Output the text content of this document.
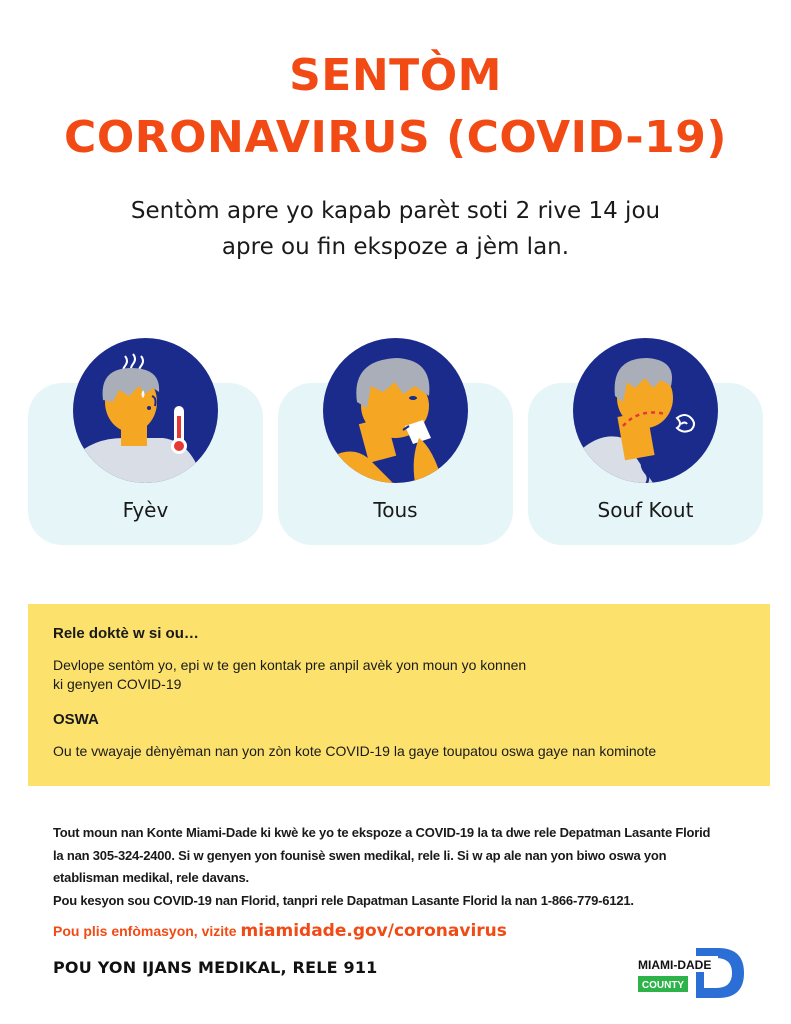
SENTÒM
CORONAVIRUS (COVID-19)
Sentòm apre yo kapab parèt soti 2 rive 14 jou
apre ou fin ekspoze a jèm lan.
Fyèv	Tous	Souf Kout
Rele doktè w si ou…
Devlope sentòm yo, epi w te gen kontak pre anpil avèk yon moun yo konnen
ki genyen COVID-19
OSWA
Ou te vwayaje dènyèman nan yon zòn kote COVID-19 la gaye toupatou oswa gaye nan kominote
Tout moun nan Konte Miami-Dade ki kwè ke yo te ekspoze a COVID-19 la ta dwe rele Depatman Lasante Florid
la nan 305-324-2400. Si w genyen yon founisè swen medikal, rele li. Si w ap ale nan yon biwo oswa yon
etablisman medikal, rele davans.
Pou kesyon sou COVID-19 nan Florid, tanpri rele Dapatman Lasante Florid la nan 1-866-779-6121.
Pou plis enfòmasyon, vizite miamidade.gov/coronavirus
POU YON IJANS MEDIKAL, RELE 911	MIAMI-DADE
COUNTY
